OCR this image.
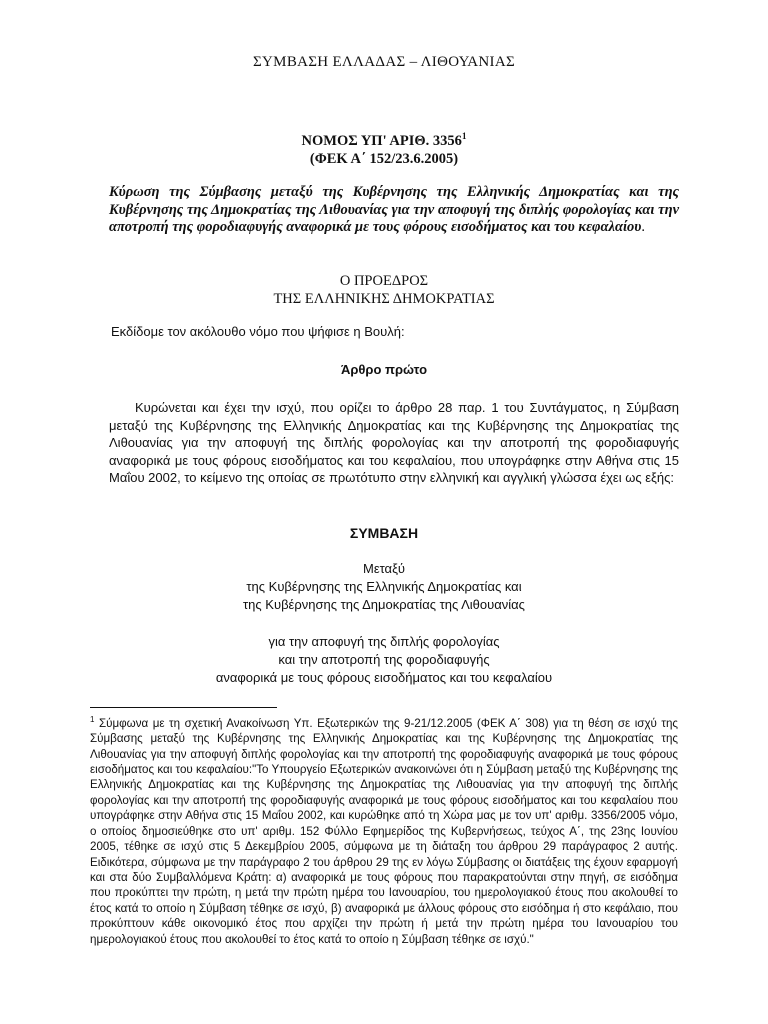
ΣΥΜΒΑΣΗ ΕΛΛΑΔΑΣ – ΛΙΘΟΥΑΝΙΑΣ
ΝΟΜΟΣ ΥΠ' ΑΡΙΘ. 3356$^1$
(ΦΕΚ Α΄ 152/23.6.2005)
Κύρωση της Σύμβασης μεταξύ της Κυβέρνησης της Ελληνικής Δημοκρατίας και της Κυβέρνησης της Δημοκρατίας της Λιθουανίας για την αποφυγή της διπλής φορολογίας και την αποτροπή της φοροδιαφυγής αναφορικά με τους φόρους εισοδήματος και του κεφαλαίου.
Ο ΠΡΟΕΔΡΟΣ
ΤΗΣ ΕΛΛΗΝΙΚΗΣ ΔΗΜΟΚΡΑΤΙΑΣ
Εκδίδομε τον ακόλουθο νόμο που ψήφισε η Βουλή:
Άρθρο πρώτο
Κυρώνεται και έχει την ισχύ, που ορίζει το άρθρο 28 παρ. 1 του Συντάγματος, η Σύμβαση μεταξύ της Κυβέρνησης της Ελληνικής Δημοκρατίας και της Κυβέρνησης της Δημοκρατίας της Λιθουανίας για την αποφυγή της διπλής φορολογίας και την αποτροπή της φοροδιαφυγής αναφορικά με τους φόρους εισοδήματος και του κεφαλαίου, που υπογράφηκε στην Αθήνα στις 15 Μαΐου 2002, το κείμενο της οποίας σε πρωτότυπο στην ελληνική και αγγλική γλώσσα έχει ως εξής:
ΣΥΜΒΑΣΗ
Μεταξύ
της Κυβέρνησης της Ελληνικής Δημοκρατίας και
της Κυβέρνησης της Δημοκρατίας της Λιθουανίας
για την αποφυγή της διπλής φορολογίας
και την αποτροπή της φοροδιαφυγής
αναφορικά με τους φόρους εισοδήματος και του κεφαλαίου
$^1$ Σύμφωνα με τη σχετική Ανακοίνωση Υπ. Εξωτερικών της 9-21/12.2005 (ΦΕΚ Α΄ 308) για τη θέση σε ισχύ της Σύμβασης μεταξύ της Κυβέρνησης της Ελληνικής Δημοκρατίας και της Κυβέρνησης της Δημοκρατίας της Λιθουανίας για την αποφυγή διπλής φορολογίας και την αποτροπή της φοροδιαφυγής αναφορικά με τους φόρους εισοδήματος και του κεφαλαίου:"Το Υπουργείο Εξωτερικών ανακοινώνει ότι η Σύμβαση μεταξύ της Κυβέρνησης της Ελληνικής Δημοκρατίας και της Κυβέρνησης της Δημοκρατίας της Λιθουανίας για την αποφυγή της διπλής φορολογίας και την αποτροπή της φοροδιαφυγής αναφορικά με τους φόρους εισοδήματος και του κεφαλαίου που υπογράφηκε στην Αθήνα στις 15 Μαΐου 2002, και κυρώθηκε από τη Χώρα μας με τον υπ' αριθμ. 3356/2005 νόμο, ο οποίος δημοσιεύθηκε στο υπ' αριθμ. 152 Φύλλο Εφημερίδος της Κυβερνήσεως, τεύχος Α΄, της 23ης Ιουνίου 2005, τέθηκε σε ισχύ στις 5 Δεκεμβρίου 2005, σύμφωνα με τη διάταξη του άρθρου 29 παράγραφος 2 αυτής. Ειδικότερα, σύμφωνα με την παράγραφο 2 του άρθρου 29 της εν λόγω Σύμβασης οι διατάξεις της έχουν εφαρμογή και στα δύο Συμβαλλόμενα Κράτη: α) αναφορικά με τους φόρους που παρακρατούνται στην πηγή, σε εισόδημα που προκύπτει την πρώτη, η μετά την πρώτη ημέρα του Ιανουαρίου, του ημερολογιακού έτους που ακολουθεί το έτος κατά το οποίο η Σύμβαση τέθηκε σε ισχύ, β) αναφορικά με άλλους φόρους στο εισόδημα ή στο κεφάλαιο, που προκύπτουν κάθε οικονομικό έτος που αρχίζει την πρώτη ή μετά την πρώτη ημέρα του Ιανουαρίου του ημερολογιακού έτους που ακολουθεί το έτος κατά το οποίο η Σύμβαση τέθηκε σε ισχύ."
